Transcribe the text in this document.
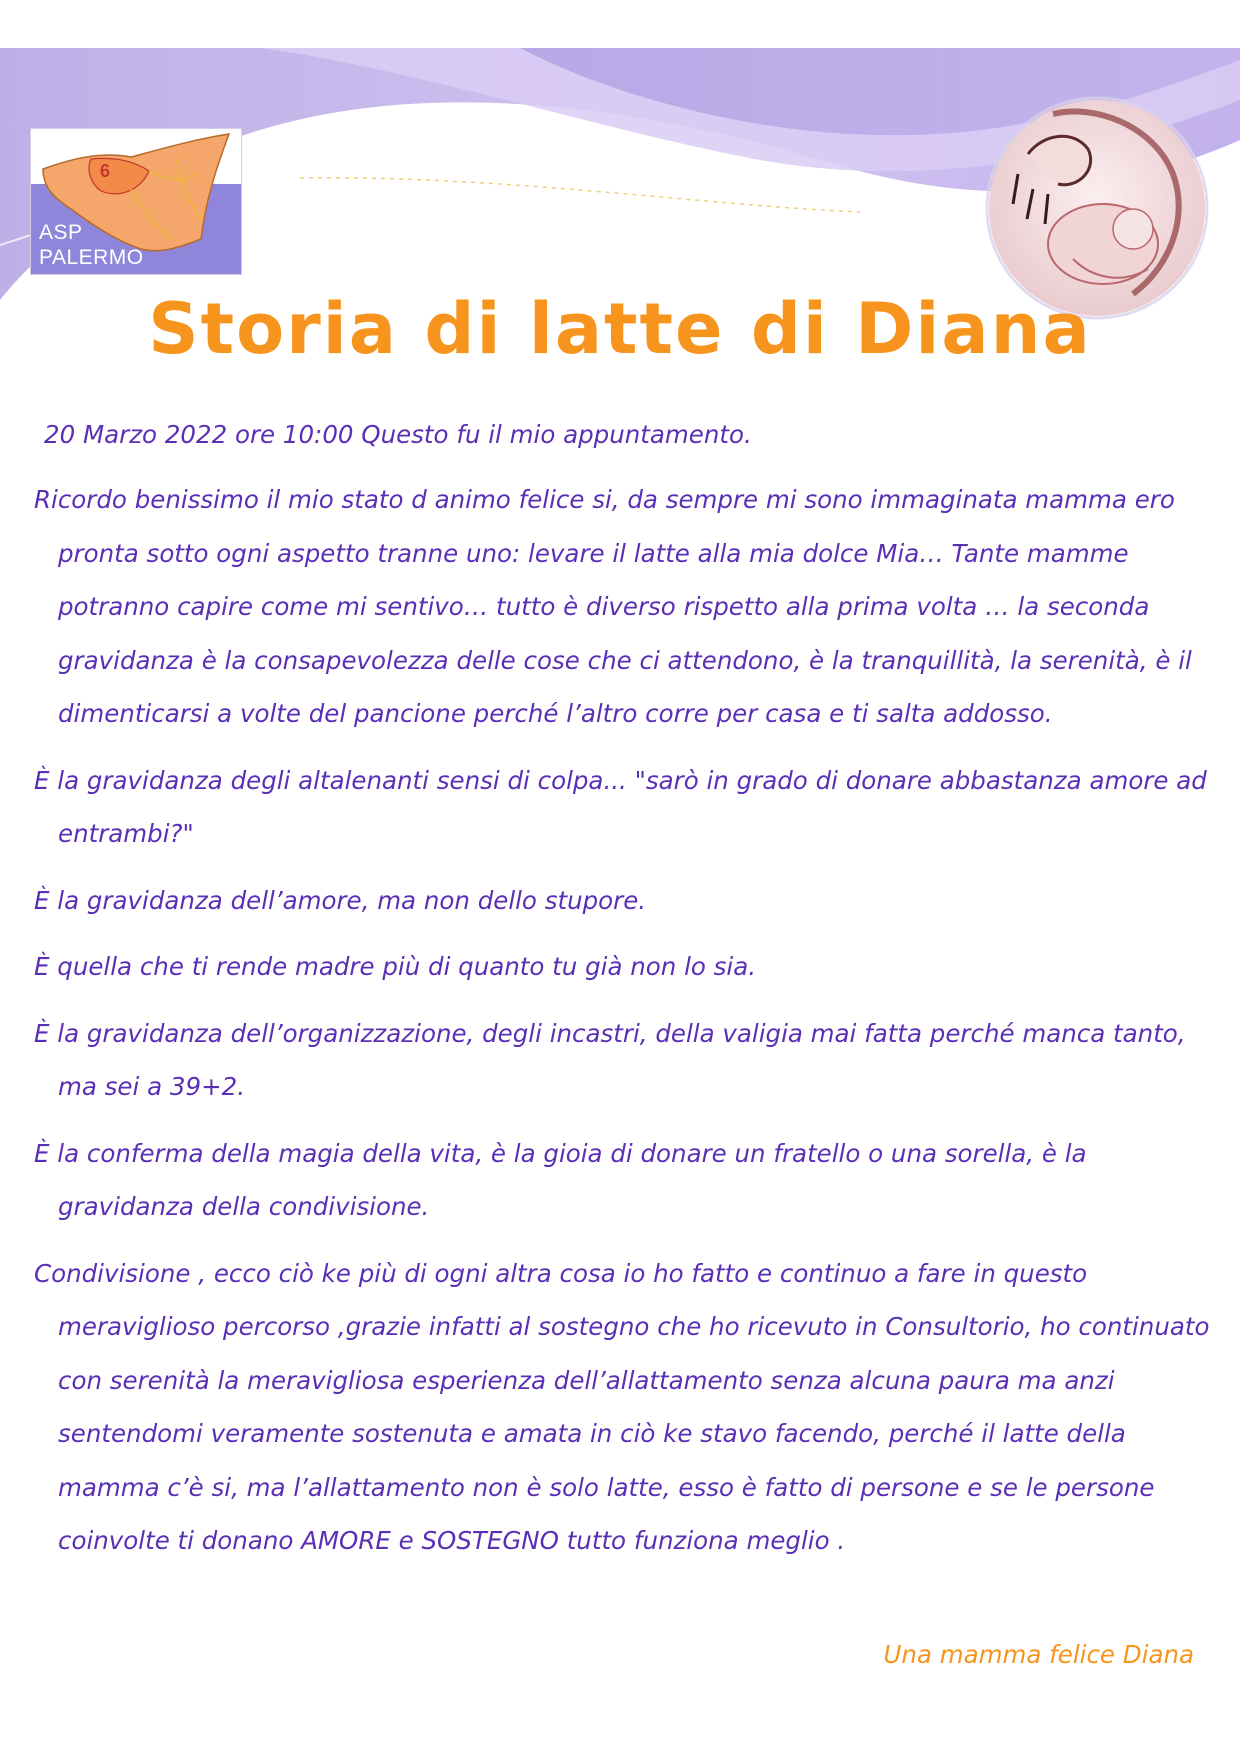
6
ASP
PALERMO
Storia di latte di Diana

20 Marzo 2022 ore 10:00 Questo fu il mio appuntamento.

Ricordo benissimo il mio stato d animo felice si, da sempre mi sono immaginata mamma ero pronta sotto ogni aspetto tranne uno: levare il latte alla mia dolce Mia… Tante mamme potranno capire come mi sentivo… tutto è diverso rispetto alla prima volta … la seconda gravidanza è la consapevolezza delle cose che ci attendono, è la tranquillità, la serenità, è il dimenticarsi a volte del pancione perché l’altro corre per casa e ti salta addosso.

È la gravidanza degli altalenanti sensi di colpa... "sarò in grado di donare abbastanza amore ad entrambi?"

È la gravidanza dell’amore, ma non dello stupore.

È quella che ti rende madre più di quanto tu già non lo sia.

È la gravidanza dell’organizzazione, degli incastri, della valigia mai fatta perché manca tanto, ma sei a 39+2.

È la conferma della magia della vita, è la gioia di donare un fratello o una sorella, è la gravidanza della condivisione.

Condivisione , ecco ciò ke più di ogni altra cosa io ho fatto e continuo a fare in questo meraviglioso percorso ,grazie infatti al sostegno che ho ricevuto in Consultorio, ho continuato con serenità la meravigliosa esperienza dell’allattamento senza alcuna paura ma anzi sentendomi veramente sostenuta e amata in ciò ke stavo facendo, perché il latte della mamma c’è si, ma l’allattamento non è solo latte, esso è fatto di persone e se le persone coinvolte ti donano AMORE e SOSTEGNO tutto funziona meglio .

Una mamma felice Diana
